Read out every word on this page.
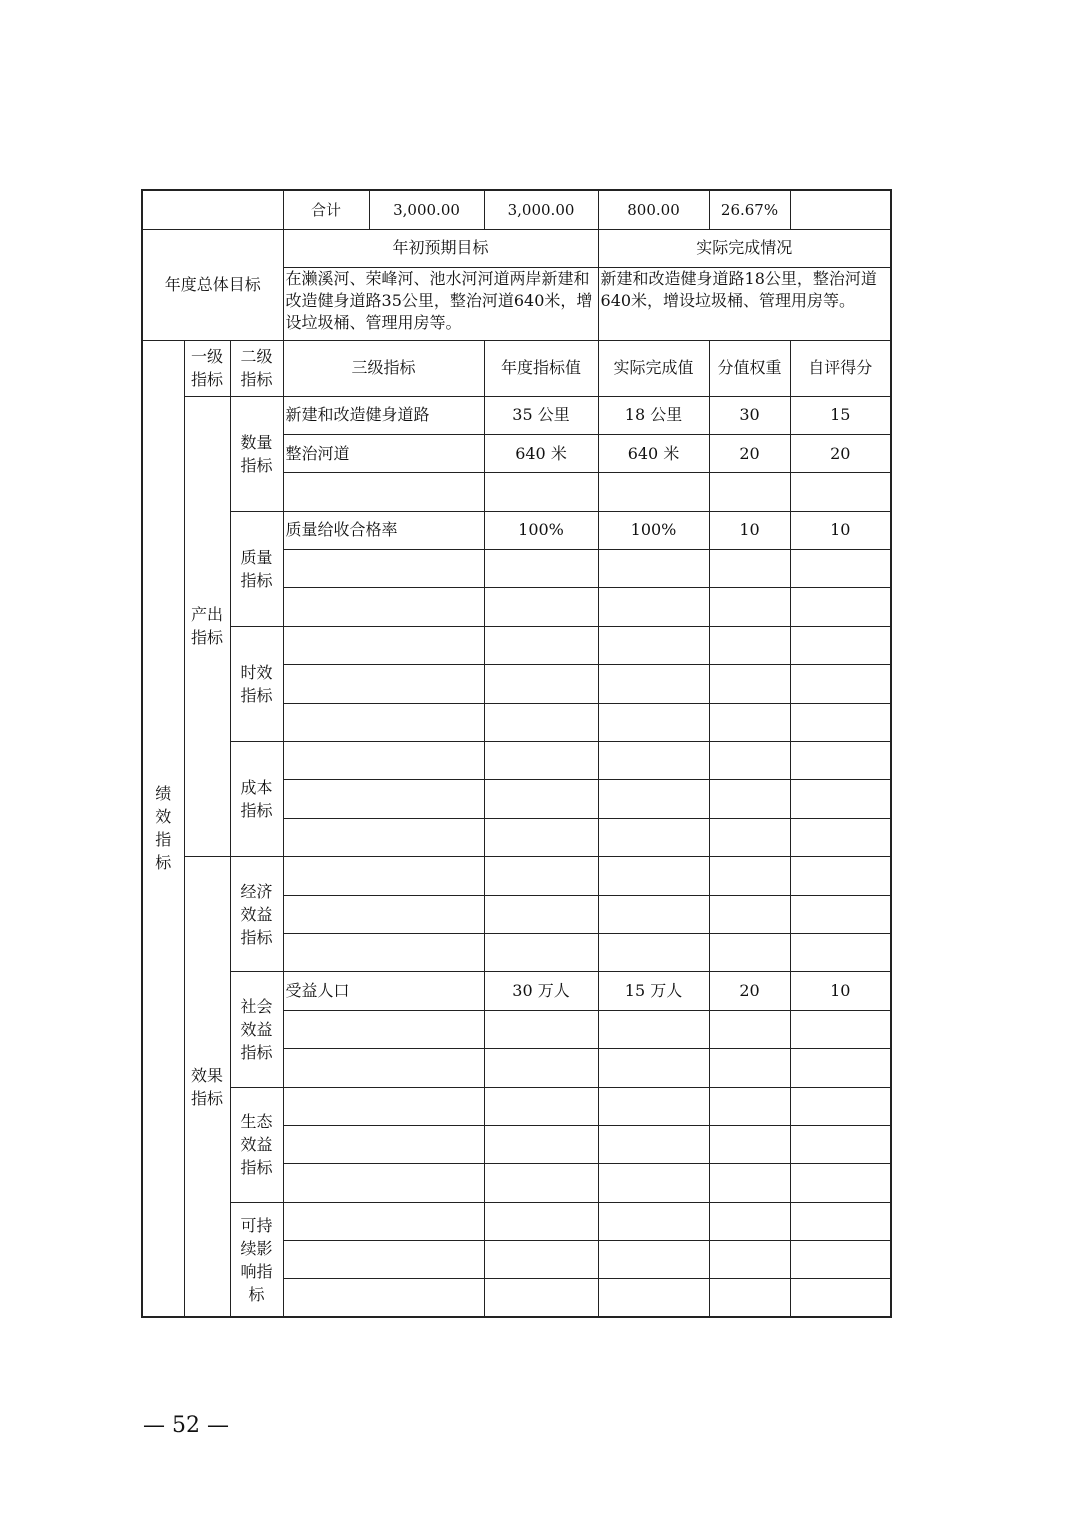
			合计	3,000.00	3,000.00	800.00	26.67%	
年度总体目标			年初预期目标			实际完成情况		
			在濑溪河、荣峰河、池水河河道两岸新建和改造健身道路35公里，整治河道640米，增设垃圾桶、管理用房等。			新建和改造健身道路18公里，整治河道640米，增设垃圾桶、管理用房等。		
绩效指标	一级指标	二级指标	三级指标		年度指标值	实际完成值	分值权重	自评得分
	产出指标	数量指标	新建和改造健身道路		35 公里	18 公里	30	15
			整治河道		640 米	640 米	20	20

		质量指标	质量给收合格率		100%	100%	10	10

		时效指标						

		成本指标						

	效果指标	经济效益指标						

		社会效益指标	受益人口		30 万人	15 万人	20	10

		生态效益指标						

		可持续影响指标						

— 52 —
